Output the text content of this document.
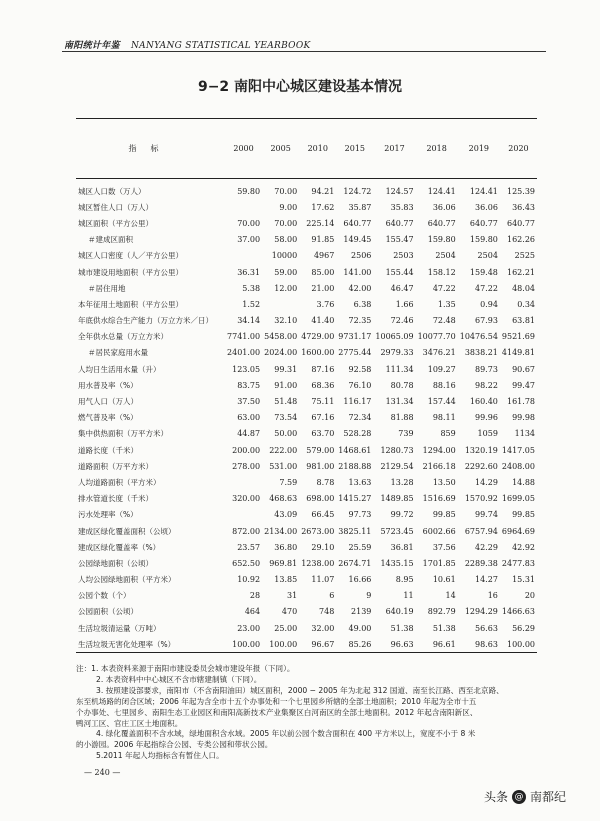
南阳统计年鉴 NANYANG STATISTICAL YEARBOOK
9−2 南阳中心城区建设基本情况
指标	2000	2005	2010	2015	2017	2018	2019	2020
城区人口数（万人）	59.80	70.00	94.21	124.72	124.57	124.41	124.41	125.39
城区暂住人口（万人）		9.00	17.62	35.87	35.83	36.06	36.06	36.43
城区面积（平方公里）	70.00	70.00	225.14	640.77	640.77	640.77	640.77	640.77
＃建成区面积	37.00	58.00	91.85	149.45	155.47	159.80	159.80	162.26
城区人口密度（人／平方公里）		10000	4967	2506	2503	2504	2504	2525
城市建设用地面积（平方公里）	36.31	59.00	85.00	141.00	155.44	158.12	159.48	162.21
＃居住用地	5.38	12.00	21.00	42.00	46.47	47.22	47.22	48.04
本年征用土地面积（平方公里）	1.52		3.76	6.38	1.66	1.35	0.94	0.34
年底供水综合生产能力（万立方米／日）	34.14	32.10	41.40	72.35	72.46	72.48	67.93	63.81
全年供水总量（万立方米）	7741.00	5458.00	4729.00	9731.17	10065.09	10077.70	10476.54	9521.69
＃居民家庭用水量	2401.00	2024.00	1600.00	2775.44	2979.33	3476.21	3838.21	4149.81
人均日生活用水量（升）	123.05	99.31	87.16	92.58	111.34	109.27	89.73	90.67
用水普及率（%）	83.75	91.00	68.36	76.10	80.78	88.16	98.22	99.47
用气人口（万人）	37.50	51.48	75.11	116.17	131.34	157.44	160.40	161.78
燃气普及率（%）	63.00	73.54	67.16	72.34	81.88	98.11	99.96	99.98
集中供热面积（万平方米）	44.87	50.00	63.70	528.28	739	859	1059	1134
道路长度（千米）	200.00	222.00	579.00	1468.61	1280.73	1294.00	1320.19	1417.05
道路面积（万平方米）	278.00	531.00	981.00	2188.88	2129.54	2166.18	2292.60	2408.00
人均道路面积（平方米）		7.59	8.78	13.63	13.28	13.50	14.29	14.88
排水管道长度（千米）	320.00	468.63	698.00	1415.27	1489.85	1516.69	1570.92	1699.05
污水处理率（%）		43.09	66.45	97.73	99.72	99.85	99.74	99.85
建成区绿化覆盖面积（公顷）	872.00	2134.00	2673.00	3825.11	5723.45	6002.66	6757.94	6964.69
建成区绿化覆盖率（%）	23.57	36.80	29.10	25.59	36.81	37.56	42.29	42.92
公园绿地面积（公顷）	652.50	969.81	1238.00	2674.71	1435.15	1701.85	2289.38	2477.83
人均公园绿地面积（平方米）	10.92	13.85	11.07	16.66	8.95	10.61	14.27	15.31
公园个数（个）	28	31	6	9	11	14	16	20
公园面积（公顷）	464	470	748	2139	640.19	892.79	1294.29	1466.63
生活垃圾清运量（万吨）	23.00	25.00	32.00	49.00	51.38	51.38	56.63	56.29
生活垃圾无害化处理率（%）	100.00	100.00	96.67	85.26	96.63	96.61	98.63	100.00

注：1. 本表资料来源于南阳市建设委员会城市建设年报（下同）。

2. 本表资料中中心城区不含市辖建制镇（下同）。

3. 按照建设部要求，南阳市（不含南阳油田）城区面积，2000 − 2005 年为北起 312 国道、南至长江路、西至北京路、

东至机场路的闭合区域；2006 年起为含全市十五个办事处和一个七里园乡所辖的全部土地面积；2010 年起为全市十五

个办事处、七里园乡、南阳生态工业园区和南阳高新技术产业集聚区白河南区的全部土地面积。2012 年起含南阳新区、

鸭河工区、官庄工区土地面积。

4. 绿化覆盖面积不含水域，绿地面积含水域。2005 年以前公园个数含面积在 400 平方米以上，宽度不小于 8 米

的小游园。2006 年起指综合公园、专类公园和带状公园。

5.2011 年起人均指标含有暂住人口。

— 240 —
头条 @ 南都纪
